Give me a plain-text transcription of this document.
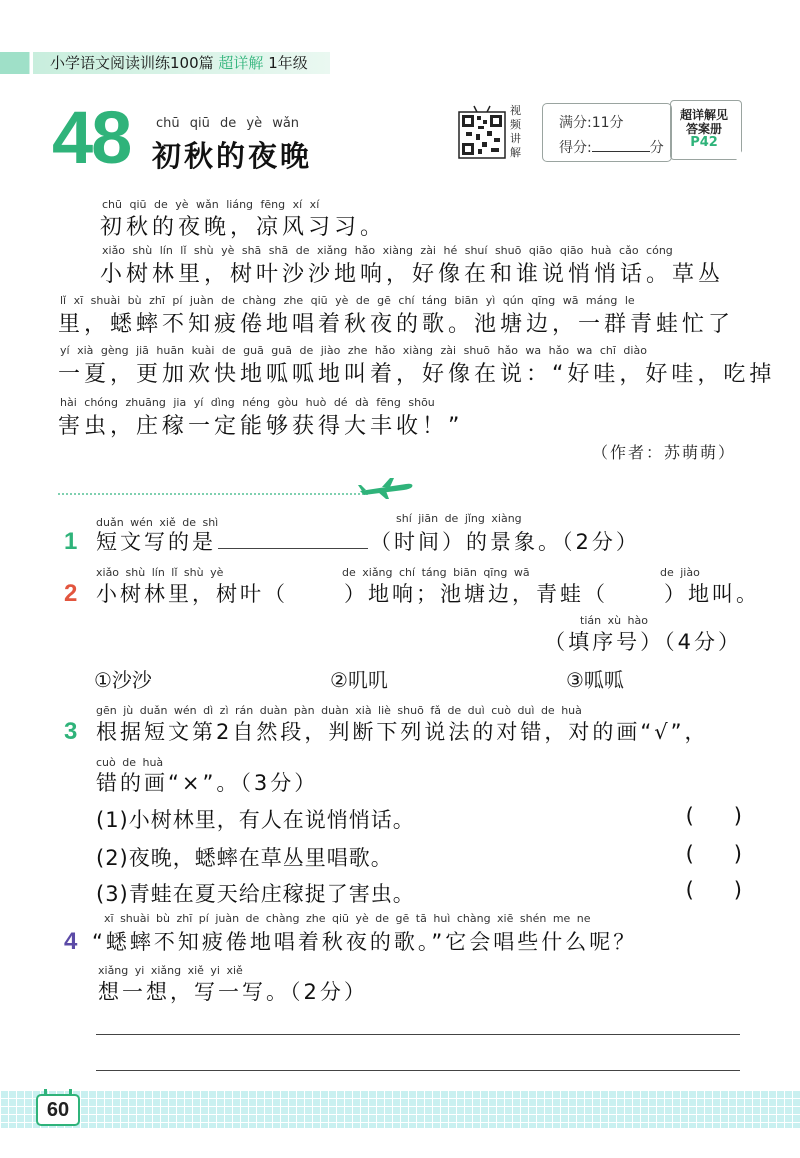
小学语文阅读训练100篇 超详解 1年级
48 chū qiū de yè wǎn
初秋的夜晚
视频讲解
满分:11分
得分:	分
超详解见
答案册
P42
chū qiū de yè wǎn liáng fēng xí xí
初秋的夜晚，凉风习习。
xiǎo shù lín lǐ shù yè shā shā de xiǎng hǎo xiàng zài hé shuí shuō qiāo qiāo huà cǎo cóng
小树林里，树叶沙沙地响，好像在和谁说悄悄话。草丛
lǐ xī shuài bù zhī pí juàn de chàng zhe qiū yè de gē chí táng biān yì qún qīng wā máng le
里，蟋蟀不知疲倦地唱着秋夜的歌。池塘边，一群青蛙忙了
yí xià gèng jiā huān kuài de guā guā de jiào zhe hǎo xiàng zài shuō hǎo wa hǎo wa chī diào
一夏，更加欢快地呱呱地叫着，好像在说：“好哇，好哇，吃掉
hài chóng zhuāng jia yí dìng néng gòu huò dé dà fēng shōu
害虫，庄稼一定能够获得大丰收！”
（作者：苏萌萌）
1
duǎn wén xiě de shì	shí jiān de jǐng xiàng
短文写的是	（时间）的景象。（2分）
2
xiǎo shù lín lǐ shù yè	de xiǎng chí táng biān qīng wā	de jiào
小树林里，树叶（	）地响；池塘边，青蛙（	）地叫。
tián xù hào
（填序号）（4分）
①沙沙	②叽叽	③呱呱
3
gēn jù duǎn wén dì zì rán duàn pàn duàn xià liè shuō fǎ de duì cuò duì de huà
根据短文第2自然段，判断下列说法的对错，对的画“√”，
cuò de huà
错的画“×”。（3分）
(1)小树林里，有人在说悄悄话。	(      )
(2)夜晚，蟋蟀在草丛里唱歌。	(      )
(3)青蛙在夏天给庄稼捉了害虫。	(      )
4
xī shuài bù zhī pí juàn de chàng zhe qiū yè de gē tā huì chàng xiē shén me ne
“蟋蟀不知疲倦地唱着秋夜的歌。”它会唱些什么呢？
xiǎng yi xiǎng xiě yi xiě
想一想，写一写。（2分）
60
